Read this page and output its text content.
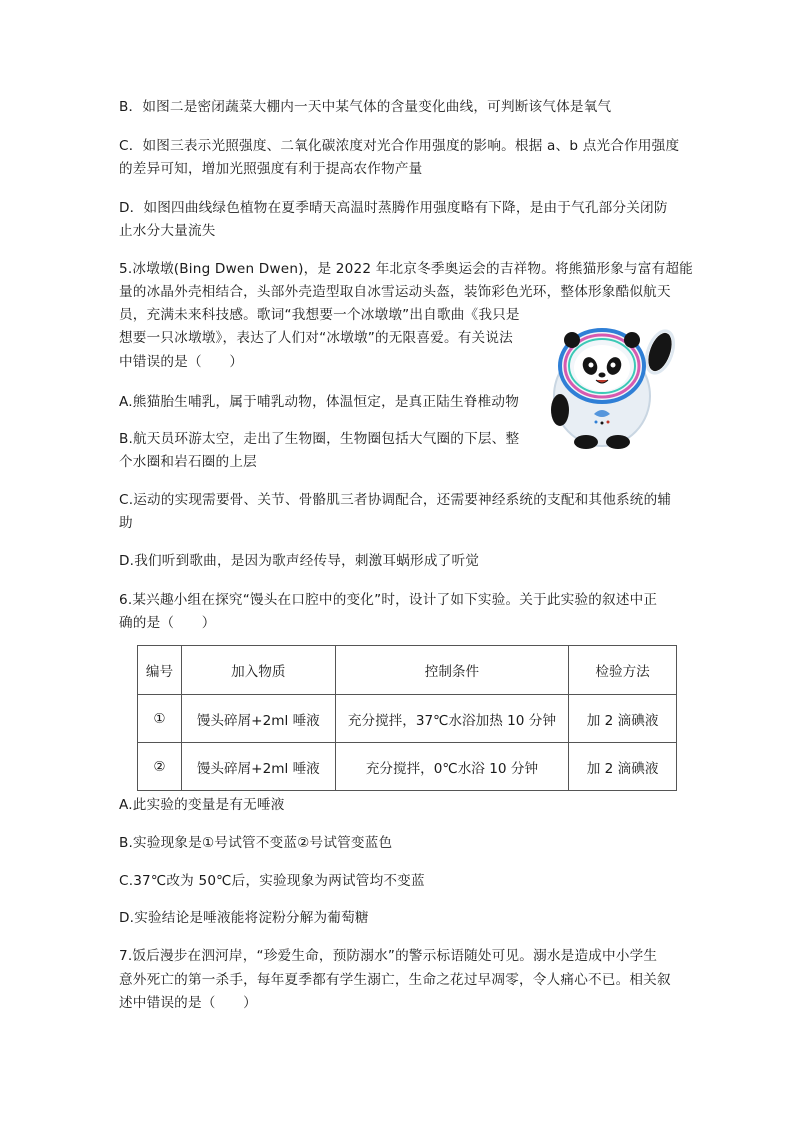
B．如图二是密闭蔬菜大棚内一天中某气体的含量变化曲线，可判断该气体是氧气
C．如图三表示光照强度、二氧化碳浓度对光合作用强度的影响。根据 a、b 点光合作用强度
的差异可知，增加光照强度有利于提高农作物产量
D．如图四曲线绿色植物在夏季晴天高温时蒸腾作用强度略有下降，是由于气孔部分关闭防
止水分大量流失
5.冰墩墩(Bing Dwen Dwen)，是 2022 年北京冬季奥运会的吉祥物。将熊猫形象与富有超能
量的冰晶外壳相结合，头部外壳造型取自冰雪运动头盔，装饰彩色光环，整体形象酷似航天
员，充满未来科技感。歌词“我想要一个冰墩墩”出自歌曲《我只是
想要一只冰墩墩》，表达了人们对“冰墩墩”的无限喜爱。有关说法
中错误的是（　　）
A.熊猫胎生哺乳，属于哺乳动物，体温恒定，是真正陆生脊椎动物
B.航天员环游太空，走出了生物圈，生物圈包括大气圈的下层、整
个水圈和岩石圈的上层
C.运动的实现需要骨、关节、骨骼肌三者协调配合，还需要神经系统的支配和其他系统的辅
助
D.我们听到歌曲，是因为歌声经传导，刺激耳蜗形成了听觉
6.某兴趣小组在探究“馒头在口腔中的变化”时，设计了如下实验。关于此实验的叙述中正
确的是（　　）
编号	加入物质	控制条件	检验方法
①	馒头碎屑+2ml 唾液	充分搅拌，37℃水浴加热 10 分钟	加 2 滴碘液
②	馒头碎屑+2ml 唾液	充分搅拌，0℃水浴 10 分钟	加 2 滴碘液
A.此实验的变量是有无唾液
B.实验现象是①号试管不变蓝②号试管变蓝色
C.37℃改为 50℃后，实验现象为两试管均不变蓝
D.实验结论是唾液能将淀粉分解为葡萄糖
7.饭后漫步在泗河岸，“珍爱生命，预防溺水”的警示标语随处可见。溺水是造成中小学生
意外死亡的第一杀手，每年夏季都有学生溺亡，生命之花过早凋零，令人痛心不已。相关叙
述中错误的是（　　）
